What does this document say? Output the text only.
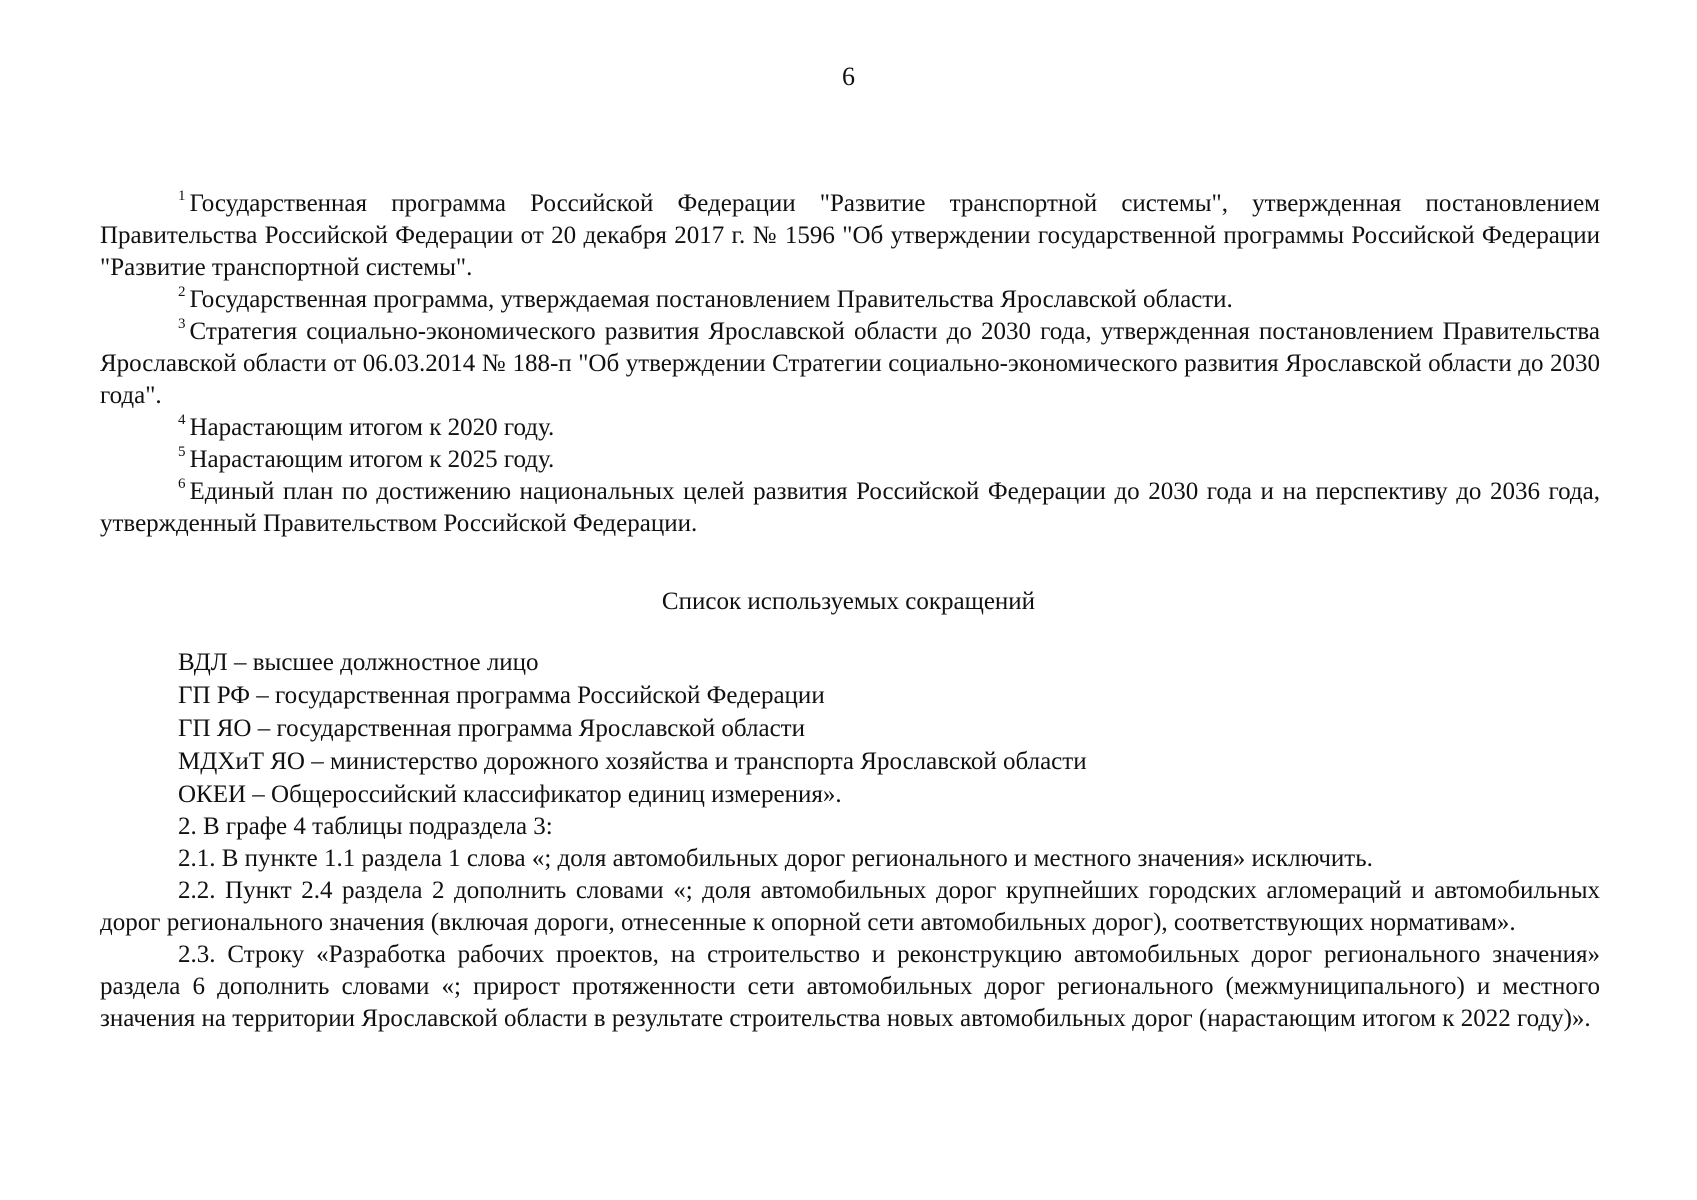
6

$^1$ Государственная программа Российской Федерации "Развитие транспортной системы", утвержденная постановлением Правительства Российской Федерации от 20 декабря 2017 г. № 1596 "Об утверждении государственной программы Российской Федерации "Развитие транспортной системы".

$^2$ Государственная программа, утверждаемая постановлением Правительства Ярославской области.

$^3$ Стратегия социально-экономического развития Ярославской области до 2030 года, утвержденная постановлением Правительства Ярославской области от 06.03.2014 № 188-п "Об утверждении Стратегии социально-экономического развития Ярославской области до 2030 года".

$^4$ Нарастающим итогом к 2020 году.

$^5$ Нарастающим итогом к 2025 году.

$^6$ Единый план по достижению национальных целей развития Российской Федерации до 2030 года и на перспективу до 2036 года, утвержденный Правительством Российской Федерации.

Список используемых сокращений
ВДЛ – высшее должностное лицо
ГП РФ – государственная программа Российской Федерации
ГП ЯО – государственная программа Ярославской области
МДХиТ ЯО – министерство дорожного хозяйства и транспорта Ярославской области
ОКЕИ – Общероссийский классификатор единиц измерения».

2. В графе 4 таблицы подраздела 3:

2.1. В пункте 1.1 раздела 1 слова «; доля автомобильных дорог регионального и местного значения» исключить.

2.2. Пункт 2.4 раздела 2 дополнить словами «; доля автомобильных дорог крупнейших городских агломераций и автомобильных дорог регионального значения (включая дороги, отнесенные к опорной сети автомобильных дорог), соответствующих нормативам».

2.3. Строку «Разработка рабочих проектов, на строительство и реконструкцию автомобильных дорог регионального значения» раздела 6 дополнить словами «; прирост протяженности сети автомобильных дорог регионального (межмуниципального) и местного значения на территории Ярославской области в результате строительства новых автомобильных дорог (нарастающим итогом к 2022 году)».
